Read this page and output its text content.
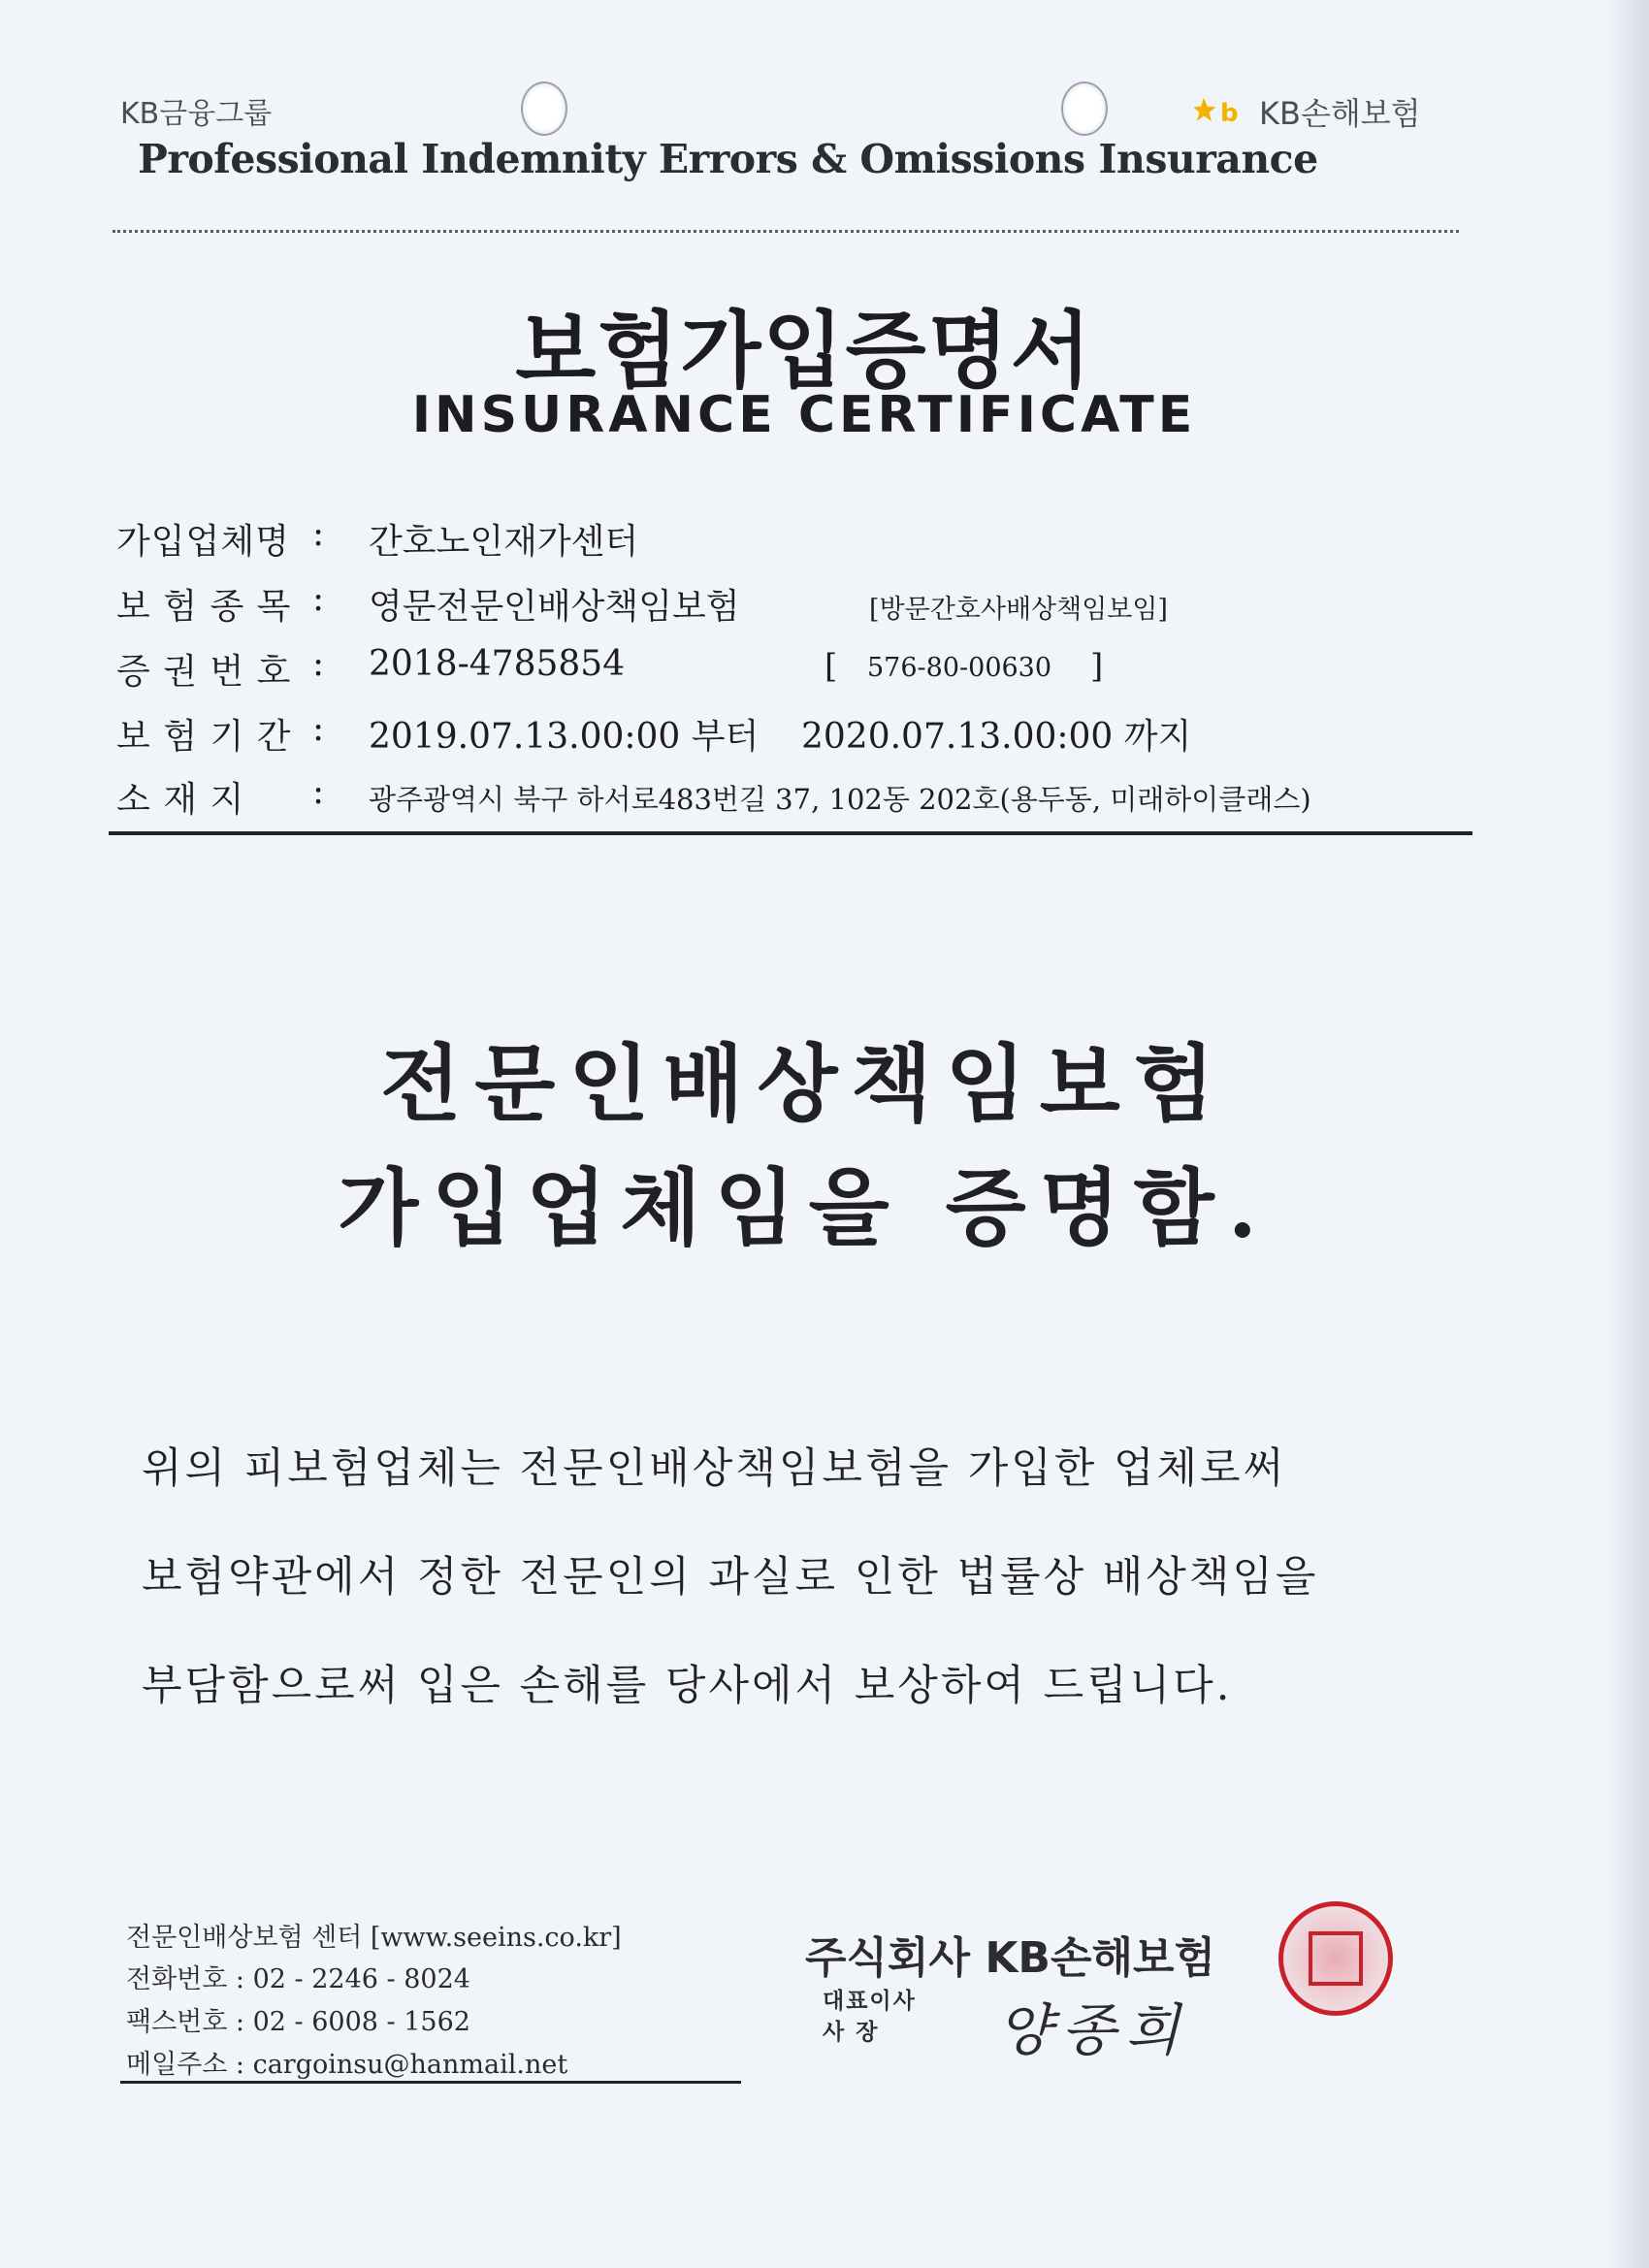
KB금융그룹	b KB손해보험
Professional Indemnity Errors & Omissions Insurance
보험가입증명서
INSURANCE CERTIFICATE
가입업체명 : 간호노인재가센터
보 험 종 목 : 영문전문인배상책임보험	[방문간호사배상책임보임]
증 권 번 호 : 2018-4785854	[ 576-80-00630 ]
보 험 기 간 : 2019.07.13.00:00 부터 2020.07.13.00:00 까지
소 재 지 : 광주광역시 북구 하서로483번길 37, 102동 202호(용두동, 미래하이클래스)
전문인배상책임보험
가입업체임을 증명함.
위의 피보험업체는 전문인배상책임보험을 가입한 업체로써
보험약관에서 정한 전문인의 과실로 인한 법률상 배상책임을
부담함으로써 입은 손해를 당사에서 보상하여 드립니다.
전문인배상보험 센터 [www.seeins.co.kr]
전화번호 : 02 - 2246 - 8024
팩스번호 : 02 - 6008 - 1562
메일주소 : cargoinsu@hanmail.net
주식회사 KB손해보험
대표이사
사 장 양종희
